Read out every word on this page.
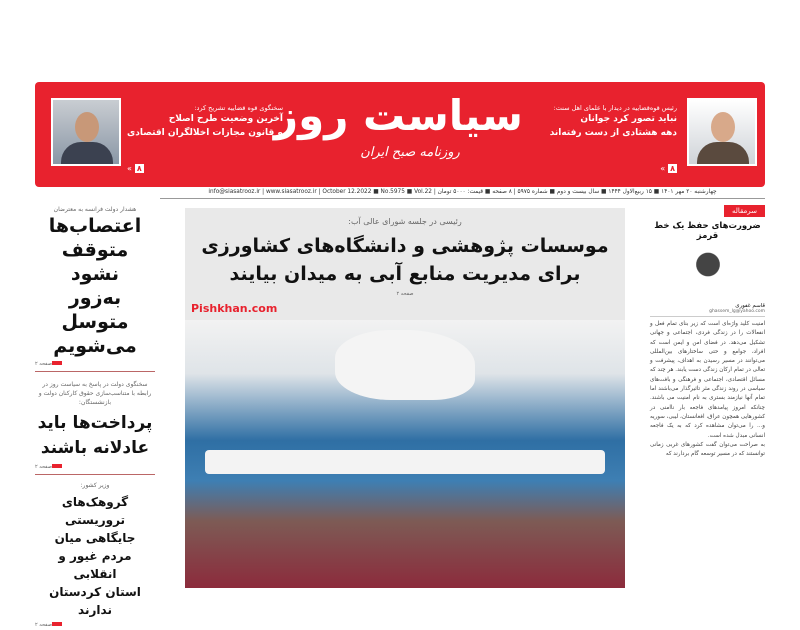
رئیس قوه‌قضاییه در دیدار با علمای اهل سنت:
نباید تصور کرد جوانان
دهه هشتادی از دست رفته‌اند
۸»
سیاست روز
روزنامه صبح ایران
سخنگوی قوه قضاییه تشریح کرد:
آخرین وضعیت طرح اصلاح
و قانون مجازات اخلالگران اقتصادی
۸»
چهارشنبه ۲۰ مهر ۱۴۰۱ ■ ۱۵ ربیع‌الاول ۱۴۴۴ ■ سال بیست و دوم ■ شماره ۵۹۷۵ | ۸ صفحه ■ قیمت: ۵۰۰۰ تومان | info@siasatrooz.ir | www.siasatrooz.ir | October 12.2022 ■ No.5975 ■ Vol.22
هشدار دولت فرانسه به معترضان
اعتصاب‌ها
متوقف نشود
به‌زور متوسل
می‌شویم
صفحه ۲
سخنگوی دولت در پاسخ به سیاست روز در رابطه با متناسب‌سازی حقوق کارکنان دولت و بازنشستگان:
پرداخت‌ها باید
عادلانه باشند
صفحه ۲
وزیر کشور:
گروهک‌های تروریستی
جایگاهی میان
مردم غیور و انقلابی
استان کردستان ندارند
صفحه ۲
رئیسی در جلسه شورای عالی آب:
موسسات پژوهشی و دانشگاه‌های کشاورزی
برای مدیریت منابع آبی به میدان بیایند
صفحه ۲
Pishkhan.com
سرمقاله
ضرورت‌های حفظ یک خط قرمز
قاسم غفوری
ghassem_lg@yahoo.com
امنیت کلید واژه‌ای است که زیر بنای تمام فعل و انفعالات را در زندگی فردی، اجتماعی و جهانی تشکیل می‌دهد. در فضای امن و ایمن است که افراد، جوامع و حتی ساختارهای بین‌المللی می‌توانند در مسیر رسیدن به اهداف، پیشرفت و تعالی در تمام ارکان زندگی دست یابند. هر چند که مسائل اقتصادی، اجتماعی و فرهنگی و بافت‌های سیاسی در روند زندگی مثر تاثیرگذار می‌باشند اما تمام آنها نیازمند بستری به نام امنیت می باشند. چنانکه امروز پیامدهای فاجعه بار ناامنی در کشورهایی همچون عراق، افغانستان، لیبی، سوریه و... را می‌توان مشاهده کرد که به یک فاجعه انسانی مبدل شده است.
به صراحت می‌توان گفت کشورهای غربی زمانی توانستند که در مسیر توسعه گام بردارند که
